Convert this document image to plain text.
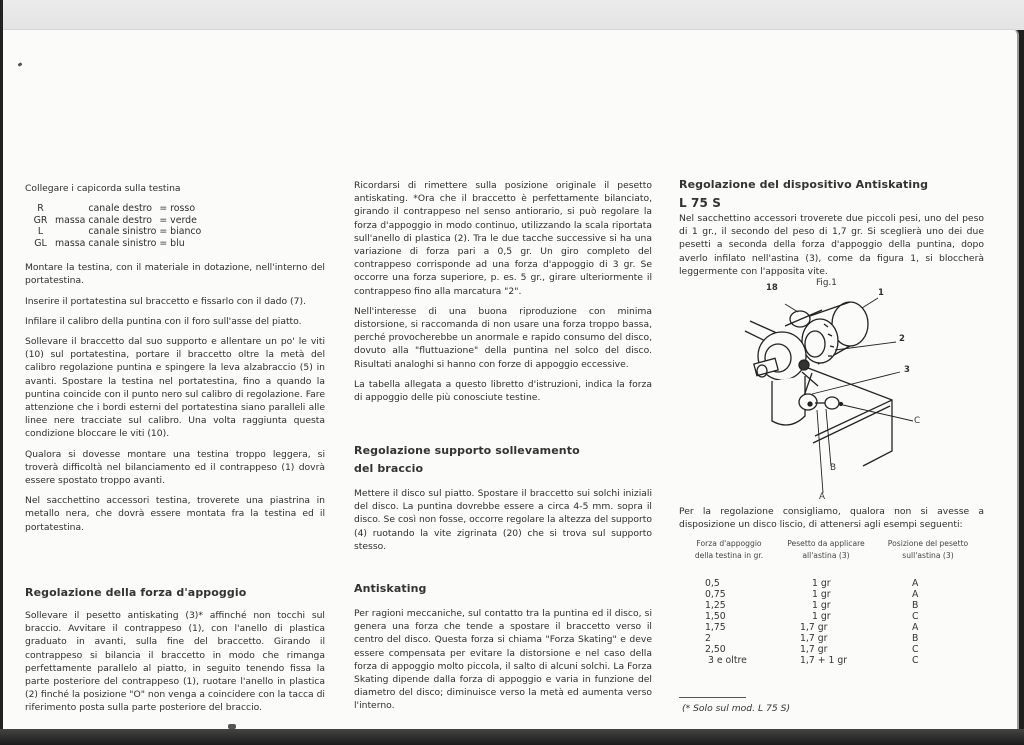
Collegare i capicorda sulla testina

R		canale destro	= rosso
GR	massa	canale destro	= verde
L		canale sinistro	= bianco
GL	massa	canale sinistro	= blu

Montare la testina, con il materiale in dotazione, nell'interno del portatestina.

Inserire il portatestina sul braccetto e fissarlo con il dado (7).

Infilare il calibro della puntina con il foro sull'asse del piatto.

Sollevare il braccetto dal suo supporto e allentare un po' le viti (10) sul portatestina, portare il braccetto oltre la metà del calibro regolazione puntina e spingere la leva alzabraccio (5) in avanti. Spostare la testina nel portatestina, fino a quando la puntina coincide con il punto nero sul calibro di regolazione. Fare attenzione che i bordi esterni del portatestina siano paralleli alle linee nere tracciate sul calibro. Una volta raggiunta questa condizione bloccare le viti (10).

Qualora si dovesse montare una testina troppo leggera, si troverà difficoltà nel bilanciamento ed il contrappeso (1) dovrà essere spostato troppo avanti.

Nel sacchettino accessori testina, troverete una piastrina in metallo nera, che dovrà essere montata fra la testina ed il portatestina.

Regolazione della forza d'appoggio

Sollevare il pesetto antiskating (3)* affinché non tocchi sul braccio. Avvitare il contrappeso (1), con l'anello di plastica graduato in avanti, sulla fine del braccetto. Girando il contrappeso si bilancia il braccetto in modo che rimanga perfettamente parallelo al piatto, in seguito tenendo fissa la parte posteriore del contrappeso (1), ruotare l'anello in plastica (2) finché la posizione "O" non venga a coincidere con la tacca di riferimento posta sulla parte posteriore del braccio.

Ricordarsi di rimettere sulla posizione originale il pesetto antiskating. *Ora che il braccetto è perfettamente bilanciato, girando il contrappeso nel senso antiorario, si può regolare la forza d'appoggio in modo continuo, utilizzando la scala riportata sull'anello di plastica (2). Tra le due tacche successive si ha una variazione di forza pari a 0,5 gr. Un giro completo del contrappeso corrisponde ad una forza d'appoggio di 3 gr. Se occorre una forza superiore, p. es. 5 gr., girare ulteriormente il contrappeso fino alla marcatura "2".

Nell'interesse di una buona riproduzione con minima distorsione, si raccomanda di non usare una forza troppo bassa, perché provocherebbe un anormale e rapido consumo del disco, dovuto alla "fluttuazione" della puntina nel solco del disco. Risultati analoghi si hanno con forze di appoggio eccessive.

La tabella allegata a questo libretto d'istruzioni, indica la forza di appoggio delle più conosciute testine.

Regolazione supporto sollevamento
del braccio

Mettere il disco sul piatto. Spostare il braccetto sui solchi iniziali del disco. La puntina dovrebbe essere a circa 4-5 mm. sopra il disco. Se così non fosse, occorre regolare la altezza del supporto (4) ruotando la vite zigrinata (20) che si trova sul supporto stesso.

Antiskating

Per ragioni meccaniche, sul contatto tra la puntina ed il disco, si genera una forza che tende a spostare il braccetto verso il centro del disco. Questa forza si chiama "Forza Skating" e deve essere compensata per evitare la distorsione e nel caso della forza di appoggio molto piccola, il salto di alcuni solchi. La Forza Skating dipende dalla forza di appoggio e varia in funzione del diametro del disco; diminuisce verso la metà ed aumenta verso l'interno.

Regolazione del dispositivo Antiskating
L 75 S

Nel sacchettino accessori troverete due piccoli pesi, uno del peso di 1 gr., il secondo del peso di 1,7 gr. Si sceglierà uno dei due pesetti a seconda della forza d'appoggio della puntina, dopo averlo infilato nell'astina (3), come da figura 1, si bloccherà leggermente con l'apposita vite.

Fig.1
18	1
2
3
C
B
A

Per la regolazione consigliamo, qualora non si avesse a disposizione un disco liscio, di attenersi agli esempi seguenti:

Forza d'appoggio
della testina in gr.
Pesetto da applicare
all'astina (3)
Posizione del pesetto
sull'astina (3)
0,5	1 gr	A
0,75	1 gr	A
1,25	1 gr	B
1,50	1 gr	C
1,75	1,7 gr	A
2	1,7 gr	B
2,50	1,7 gr	C
3 e oltre	1,7 + 1 gr	C
(* Solo sul mod. L 75 S)
